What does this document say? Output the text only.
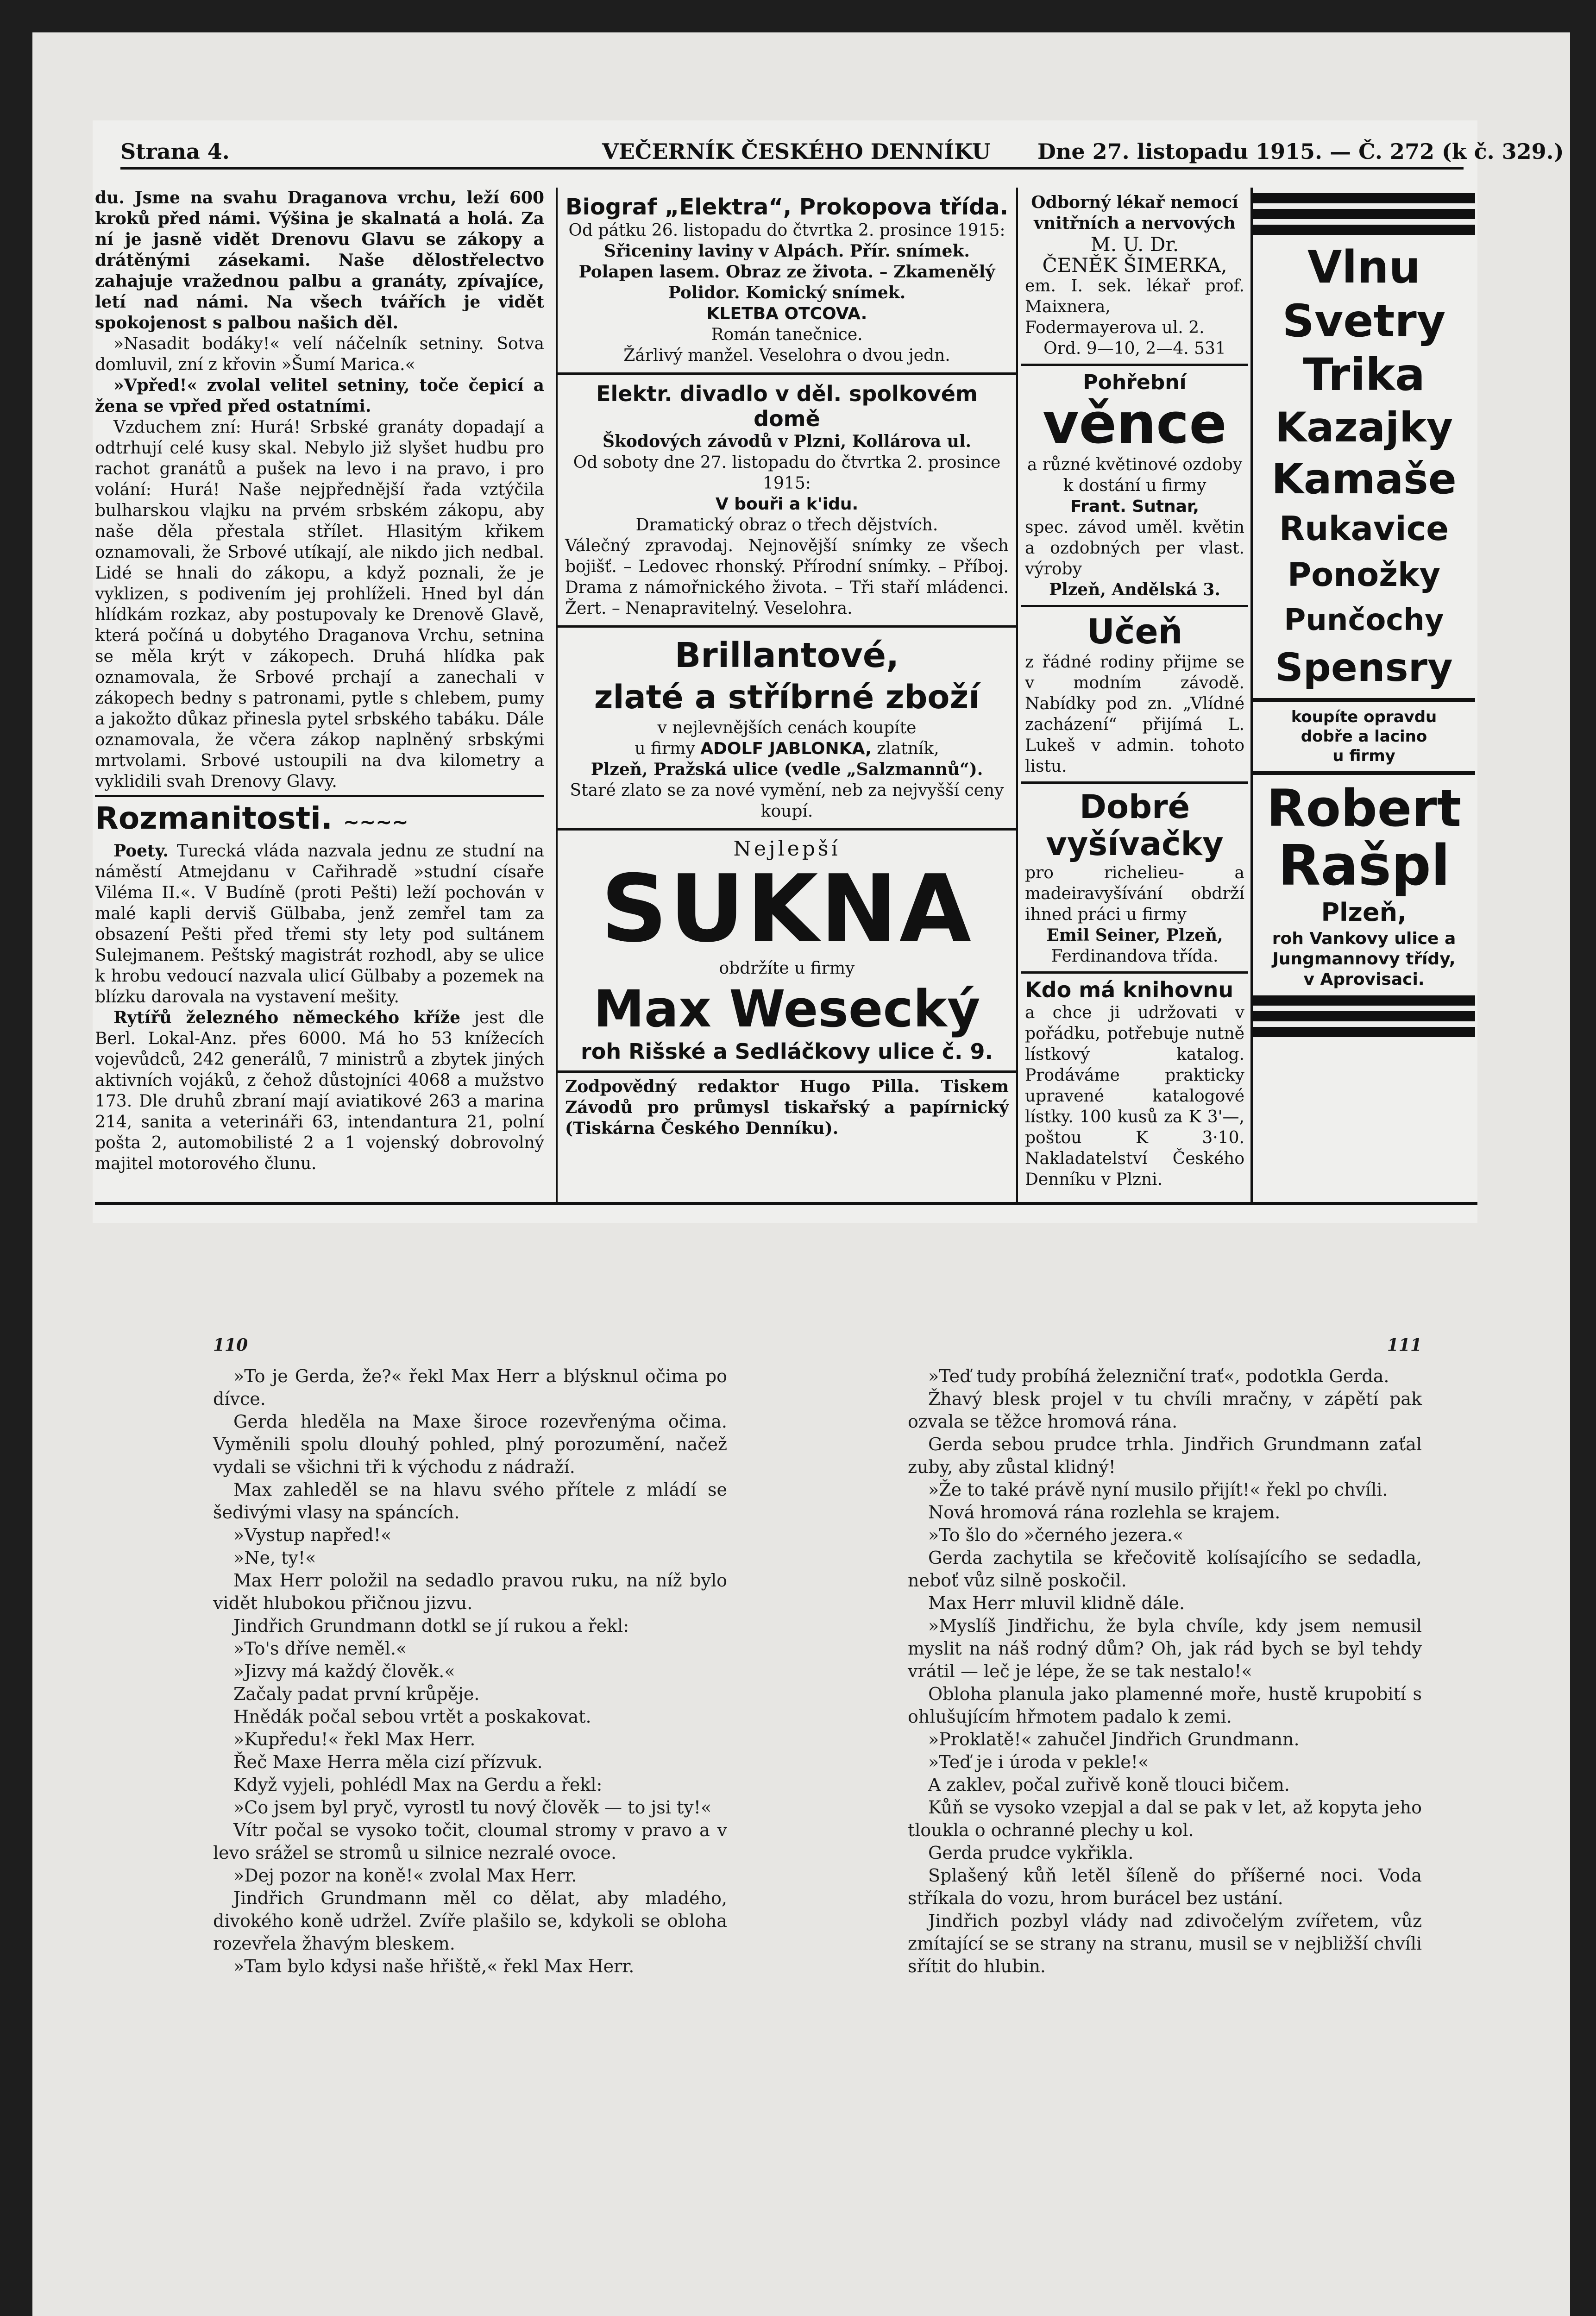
Strana 4.	VEČERNÍK ČESKÉHO DENNÍKU Dne 27. listopadu 1915. — Č. 272 (k č. 329.)

du. Jsme na svahu Draganova vrchu, leží 600 kroků před námi. Výšina je skalnatá a holá. Za ní je jasně vidět Drenovu Glavu se zákopy a drátěnými zásekami. Naše dělostřelectvo zahajuje vražednou palbu a granáty, zpívajíce, letí nad námi. Na všech tvářích je vidět spokojenost s palbou našich děl.

»Nasadit bodáky!« velí náčelník setniny. Sotva domluvil, zní z křovin »Šumí Marica.«

»Vpřed!« zvolal velitel setniny, toče čepicí a žena se vpřed před ostatními.

Vzduchem zní: Hurá! Srbské granáty dopadají a odtrhují celé kusy skal. Nebylo již slyšet hudbu pro rachot granátů a pušek na levo i na pravo, i pro volání: Hurá! Naše nejpřednější řada vztýčila bulharskou vlajku na prvém srbském zákopu, aby naše děla přestala střílet. Hlasitým křikem oznamovali, že Srbové utíkají, ale nikdo jich nedbal. Lidé se hnali do zákopu, a když poznali, že je vyklizen, s podivením jej prohlíželi. Hned byl dán hlídkám rozkaz, aby postupovaly ke Drenově Glavě, která počíná u dobytého Draganova Vrchu, setnina se měla krýt v zákopech. Druhá hlídka pak oznamovala, že Srbové prchají a zanechali v zákopech bedny s patronami, pytle s chlebem, pumy a jakožto důkaz přinesla pytel srbského tabáku. Dále oznamovala, že včera zákop naplněný srbskými mrtvolami. Srbové ustoupili na dva kilometry a vyklidili svah Drenovy Glavy.

Rozmanitosti. ~~~~

Poety. Turecká vláda nazvala jednu ze studní na náměstí Atmejdanu v Cařihradě »studní císaře Viléma II.«. V Budíně (proti Pešti) leží pochován v malé kapli derviš Gülbaba, jenž zemřel tam za obsazení Pešti před třemi sty lety pod sultánem Sulejmanem. Peštský magistrát rozhodl, aby se ulice k hrobu vedoucí nazvala ulicí Gülbaby a pozemek na blízku darovala na vystavení mešity.

Rytířů železného německého kříže jest dle Berl. Lokal-Anz. přes 6000. Má ho 53 knížecích vojevůdců, 242 generálů, 7 ministrů a zbytek jiných aktivních vojáků, z čehož důstojníci 4068 a mužstvo 173. Dle druhů zbraní mají aviatikové 263 a marina 214, sanita a veterináři 63, intendantura 21, polní pošta 2, automobilisté 2 a 1 vojenský dobrovolný majitel motorového člunu.

Biograf „Elektra“, Prokopova třída.
Od pátku 26. listopadu do čtvrtka 2. prosince 1915:
Sřiceniny laviny v Alpách. Přír. snímek.
Polapen lasem. Obraz ze života. – Zkamenělý Polidor. Komický snímek.
KLETBA OTCOVA.
Román tanečnice.
Žárlivý manžel. Veselohra o dvou jedn.
Elektr. divadlo v děl. spolkovém domě
Škodových závodů v Plzni, Kollárova ul.
Od soboty dne 27. listopadu do čtvrtka 2. prosince 1915:
V bouři a k'idu.
Dramatický obraz o třech dějstvích.
Válečný zpravodaj. Nejnovější snímky ze všech bojišť. – Ledovec rhonský. Přírodní snímky. – Příboj. Drama z námořnického života. – Tři staří mládenci. Žert. – Nenapravitelný. Veselohra.
Brillantové,
zlaté a stříbrné zboží
v nejlevnějších cenách koupíte
u firmy ADOLF JABLONKA, zlatník,
Plzeň, Pražská ulice (vedle „Salzmannů“).
Staré zlato se za nové vymění, neb za nejvyšší ceny koupí.
Nejlepší
SUKNA
obdržíte u firmy
Max Wesecký
roh Rišské a Sedláčkovy ulice č. 9.
Zodpovědný redaktor Hugo Pilla. Tiskem Závodů pro průmysl tiskařský a papírnický (Tiskárna Českého Denníku).
Odborný lékař nemocí
vnitřních a nervových
M. U. Dr.
ČENĚK ŠIMERKA,
em. I. sek. lékař prof. Maixnera, Fodermayerova ul. 2.
Ord. 9—10, 2—4. 531
Pohřební
věnce
a různé květinové ozdoby k dostání u firmy
Frant. Sutnar,
spec. závod uměl. květin a ozdobných per vlast. výroby
Plzeň, Andělská 3.
Učeň
z řádné rodiny přijme se v modním závodě. Nabídky pod zn. „Vlídné zacházení“ přijímá L. Lukeš v admin. tohoto listu.
Dobré
vyšívačky
pro richelieu- a madeiravyšívání obdrží ihned práci u firmy
Emil Seiner, Plzeň,
Ferdinandova třída.
Kdo má knihovnu
a chce ji udržovati v pořádku, potřebuje nutně lístkový katalog. Prodáváme prakticky upravené katalogové lístky. 100 kusů za K 3'—, poštou K 3·10. Nakladatelství Českého Denníku v Plzni.
Vlnu
Svetry
Trika
Kazajky
Kamaše
Rukavice
Ponožky
Punčochy
Spensry
koupíte opravdu
dobře a lacino
u firmy
Robert
Rašpl
Plzeň,
roh Vankovy ulice a
Jungmannovy třídy,
v Aprovisaci.
110

»To je Gerda, že?« řekl Max Herr a blýsknul očima po dívce.

Gerda hleděla na Maxe široce rozevřenýma očima. Vyměnili spolu dlouhý pohled, plný porozumění, načež vydali se všichni tři k východu z nádraží.

Max zahleděl se na hlavu svého přítele z mládí se šedivými vlasy na spáncích.

»Vystup napřed!«

»Ne, ty!«

Max Herr položil na sedadlo pravou ruku, na níž bylo vidět hlubokou přičnou jizvu.

Jindřich Grundmann dotkl se jí rukou a řekl:

»To's dříve neměl.«

»Jizvy má každý člověk.«

Začaly padat první krůpěje.

Hnědák počal sebou vrtět a poskakovat.

»Kupředu!« řekl Max Herr.

Řeč Maxe Herra měla cizí přízvuk.

Když vyjeli, pohlédl Max na Gerdu a řekl:

»Co jsem byl pryč, vyrostl tu nový člověk — to jsi ty!«

Vítr počal se vysoko točit, cloumal stromy v pravo a v levo srážel se stromů u silnice nezralé ovoce.

»Dej pozor na koně!« zvolal Max Herr.

Jindřich Grundmann měl co dělat, aby mladého, divokého koně udržel. Zvíře plašilo se, kdykoli se obloha rozevřela žhavým bleskem.

»Tam bylo kdysi naše hřiště,« řekl Max Herr.

111

»Teď tudy probíhá železniční trať«, podotkla Gerda.

Žhavý blesk projel v tu chvíli mračny, v zápětí pak ozvala se těžce hromová rána.

Gerda sebou prudce trhla. Jindřich Grundmann zaťal zuby, aby zůstal klidný!

»Že to také právě nyní musilo přijít!« řekl po chvíli.

Nová hromová rána rozlehla se krajem.

»To šlo do »černého jezera.«

Gerda zachytila se křečovitě kolísajícího se sedadla, neboť vůz silně poskočil.

Max Herr mluvil klidně dále.

»Myslíš Jindřichu, že byla chvíle, kdy jsem nemusil myslit na náš rodný dům? Oh, jak rád bych se byl tehdy vrátil — leč je lépe, že se tak nestalo!«

Obloha planula jako plamenné moře, hustě krupobití s ohlušujícím hřmotem padalo k zemi.

»Proklatě!« zahučel Jindřich Grundmann.

»Teď je i úroda v pekle!«

A zaklev, počal zuřivě koně tlouci bičem.

Kůň se vysoko vzepjal a dal se pak v let, až kopyta jeho tloukla o ochranné plechy u kol.

Gerda prudce vykřikla.

Splašený kůň letěl šíleně do příšerné noci. Voda stříkala do vozu, hrom burácel bez ustání.

Jindřich pozbyl vlády nad zdivočelým zvířetem, vůz zmítající se se strany na stranu, musil se v nejbližší chvíli sřítit do hlubin.
